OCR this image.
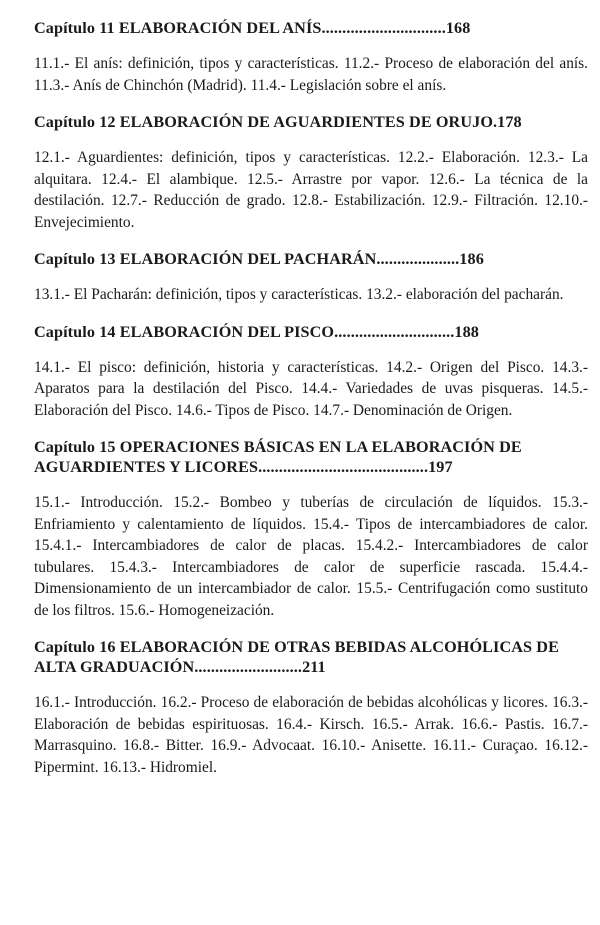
Capítulo 11 ELABORACIÓN DEL ANÍS..............................168

11.1.- El anís: definición, tipos y características. 11.2.- Proceso de elaboración del anís. 11.3.- Anís de Chinchón (Madrid). 11.4.- Legislación sobre el anís.

Capítulo 12 ELABORACIÓN DE AGUARDIENTES DE ORUJO.178

12.1.- Aguardientes: definición, tipos y características. 12.2.- Elaboración. 12.3.- La alquitara. 12.4.- El alambique. 12.5.- Arrastre por vapor. 12.6.- La técnica de la destilación. 12.7.- Reducción de grado. 12.8.- Estabilización. 12.9.- Filtración. 12.10.- Envejecimiento.

Capítulo 13 ELABORACIÓN DEL PACHARÁN....................186

13.1.- El Pacharán: definición, tipos y características. 13.2.- elaboración del pacharán.

Capítulo 14 ELABORACIÓN DEL PISCO.............................188

14.1.- El pisco: definición, historia y características. 14.2.- Origen del Pisco. 14.3.- Aparatos para la destilación del Pisco. 14.4.- Variedades de uvas pisqueras. 14.5.- Elaboración del Pisco. 14.6.- Tipos de Pisco. 14.7.- Denominación de Origen.

Capítulo 15 OPERACIONES BÁSICAS EN LA ELABORACIÓN DE AGUARDIENTES Y LICORES.........................................197

15.1.- Introducción. 15.2.- Bombeo y tuberías de circulación de líquidos. 15.3.- Enfriamiento y calentamiento de líquidos. 15.4.- Tipos de intercambiadores de calor. 15.4.1.- Intercambiadores de calor de placas. 15.4.2.- Intercambiadores de calor tubulares. 15.4.3.- Intercambiadores de calor de superficie rascada. 15.4.4.- Dimensionamiento de un intercambiador de calor. 15.5.- Centrifugación como sustituto de los filtros. 15.6.- Homogeneización.

Capítulo 16 ELABORACIÓN DE OTRAS BEBIDAS ALCOHÓLICAS DE ALTA GRADUACIÓN..........................211

16.1.- Introducción. 16.2.- Proceso de elaboración de bebidas alcohólicas y licores. 16.3.- Elaboración de bebidas espirituosas. 16.4.- Kirsch. 16.5.- Arrak. 16.6.- Pastis. 16.7.- Marrasquino. 16.8.- Bitter. 16.9.- Advocaat. 16.10.- Anisette. 16.11.- Curaçao. 16.12.- Pipermint. 16.13.- Hidromiel.
